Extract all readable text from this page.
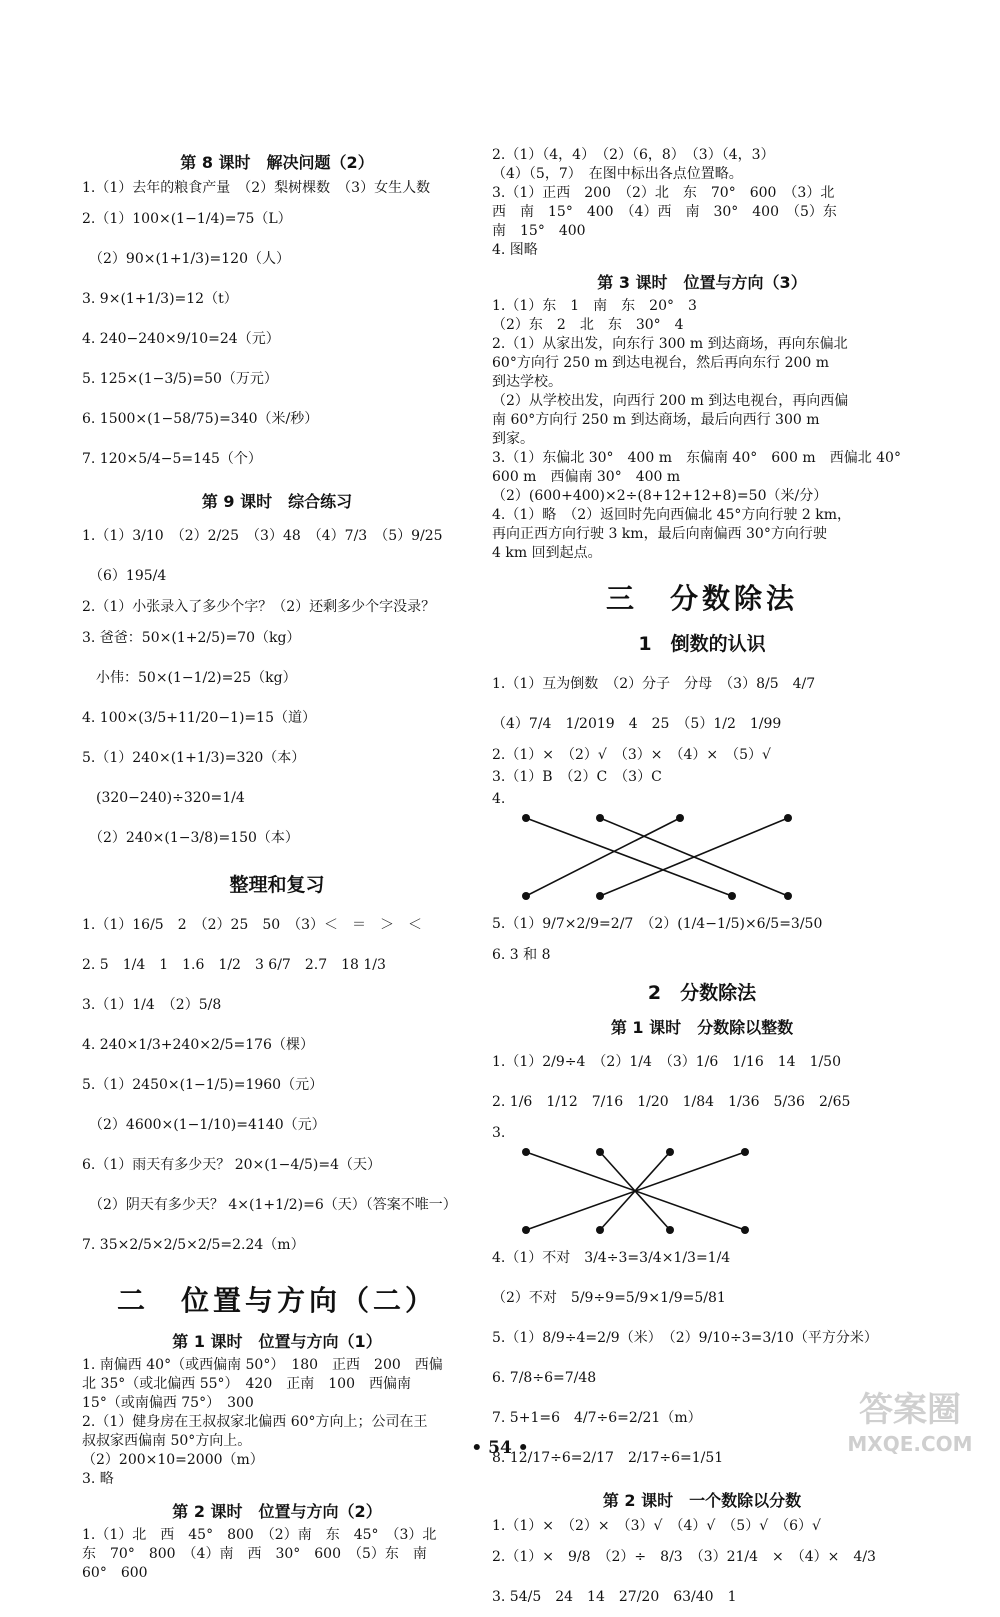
第 8 课时　解决问题（2）

1.（1）去年的粮食产量　（2）梨树棵数　（3）女生人数

2.（1）100×(1−1/4)=75（L）

　（2）90×(1+1/3)=120（人）

3. 9×(1+1/3)=12（t）

4. 240−240×9/10=24（元）

5. 125×(1−3/5)=50（万元）

6. 1500×(1−58/75)=340（米/秒）

7. 120×5/4−5=145（个）

第 9 课时　综合练习

1.（1）3/10　（2）2/25　（3）48　（4）7/3　（5）9/25

　（6）195/4

2.（1）小张录入了多少个字？（2）还剩多少个字没录？

3. 爸爸：50×(1+2/5)=70（kg）

　小伟：50×(1−1/2)=25（kg）

4. 100×(3/5+11/20−1)=15（道）

5.（1）240×(1+1/3)=320（本）

　(320−240)÷320=1/4

　（2）240×(1−3/8)=150（本）

整理和复习

1.（1）16/5　2　（2）25　50　（3）＜　＝　＞　＜

2. 5　1/4　1　1.6　1/2　3 6/7　2.7　18 1/3

3.（1）1/4　（2）5/8

4. 240×1/3+240×2/5=176（棵）

5.（1）2450×(1−1/5)=1960（元）

　（2）4600×(1−1/10)=4140（元）

6.（1）雨天有多少天？ 20×(1−4/5)=4（天）

　（2）阴天有多少天？ 4×(1+1/2)=6（天）（答案不唯一）

7. 35×2/5×2/5×2/5=2.24（m）

二　位置与方向（二）
第 1 课时　位置与方向（1）

1. 南偏西 40°（或西偏南 50°）　180　正西　200　西偏

北 35°（或北偏西 55°）　420　正南　100　西偏南

15°（或南偏西 75°）　300

2.（1）健身房在王叔叔家北偏西 60°方向上；公司在王

叔叔家西偏南 50°方向上。

（2）200×10=2000（m）

3. 略

第 2 课时　位置与方向（2）

1.（1）北　西　45°　800　（2）南　东　45°　（3）北

东　70°　800　（4）南　西　30°　600　（5）东　南

60°　600

2.（1）（4，4）　（2）（6，8）　（3）（4，3）

（4）（5，7）　在图中标出各点位置略。

3.（1）正西　200　（2）北　东　70°　600　（3）北

西　南　15°　400　（4）西　南　30°　400　（5）东

南　15°　400

4. 图略

第 3 课时　位置与方向（3）

1.（1）东　1　南　东　20°　3

（2）东　2　北　东　30°　4

2.（1）从家出发，向东行 300 m 到达商场，再向东偏北

60°方向行 250 m 到达电视台，然后再向东行 200 m

到达学校。

（2）从学校出发，向西行 200 m 到达电视台，再向西偏

南 60°方向行 250 m 到达商场，最后向西行 300 m

到家。

3.（1）东偏北 30°　400 m　东偏南 40°　600 m　西偏北 40°

600 m　西偏南 30°　400 m

（2）(600+400)×2÷(8+12+12+8)=50（米/分）

4.（1）略　（2）返回时先向西偏北 45°方向行驶 2 km，

再向正西方向行驶 3 km，最后向南偏西 30°方向行驶

4 km 回到起点。

三　分数除法
1　倒数的认识

1.（1）互为倒数　（2）分子　分母　（3）8/5　4/7

（4）7/4　1/2019　4　25　（5）1/2　1/99

2.（1）×　（2）√　（3）×　（4）×　（5）√

3.（1）B　（2）C　（3）C

4.

5.（1）9/7×2/9=2/7　（2）(1/4−1/5)×6/5=3/50

6. 3 和 8

2　分数除法
第 1 课时　分数除以整数

1.（1）2/9÷4　（2）1/4　（3）1/6　1/16　14　1/50

2. 1/6　1/12　7/16　1/20　1/84　1/36　5/36　2/65

3.

4.（1）不对　3/4÷3=3/4×1/3=1/4

（2）不对　5/9÷9=5/9×1/9=5/81

5.（1）8/9÷4=2/9（米）　（2）9/10÷3=3/10（平方分米）

6. 7/8÷6=7/48

7. 5+1=6　4/7÷6=2/21（m）

8. 12/17÷6=2/17　2/17÷6=1/51

第 2 课时　一个数除以分数

1.（1）×　（2）×　（3）√　（4）√　（5）√　（6）√

2.（1）×　9/8　（2）÷　8/3　（3）21/4　×　（4）×　4/3

3. 54/5　24　14　27/20　63/40　1

• 54 •
答案圈
MXQE.COM
